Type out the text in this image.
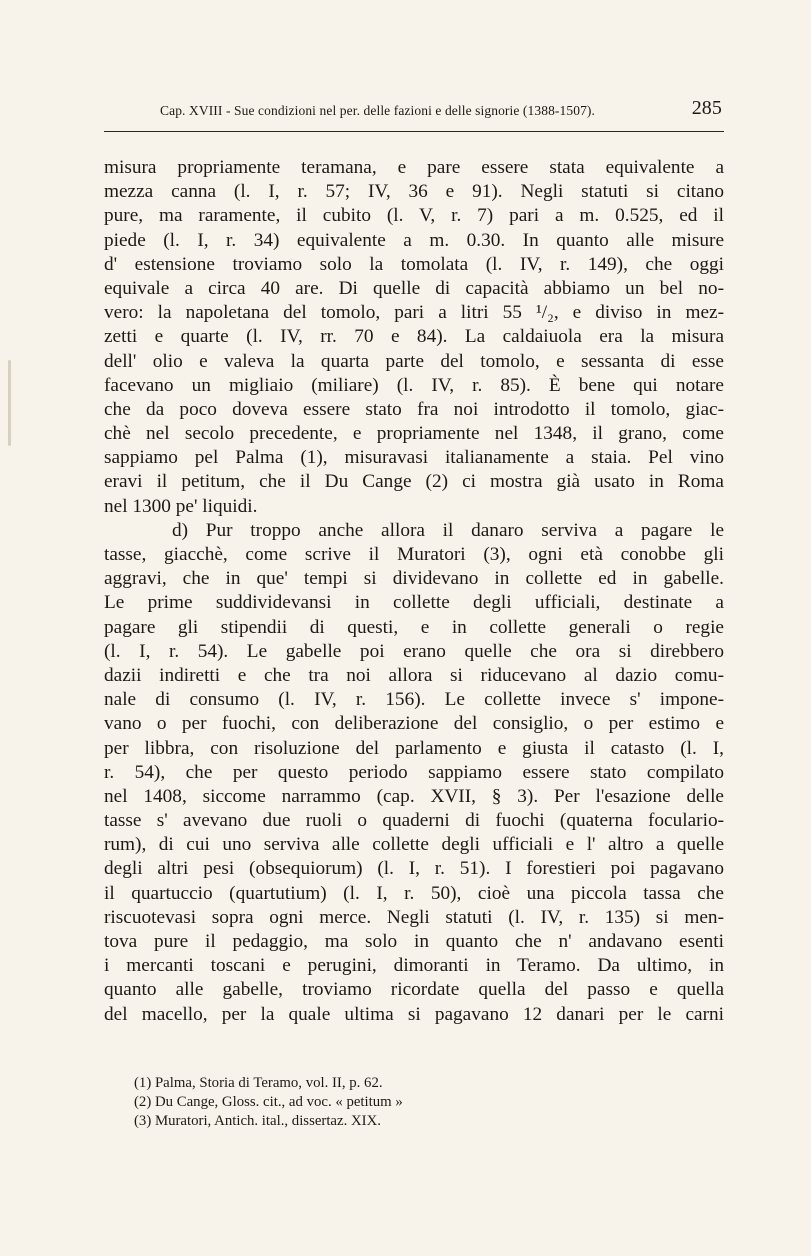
Cap. XVIII - Sue condizioni nel per. delle fazioni e delle signorie (1388-1507).	285
misura propriamente teramana, e pare essere stata equivalente a
mezza canna (l. I, r. 57; IV, 36 e 91). Negli statuti si citano
pure, ma raramente, il cubito (l. V, r. 7) pari a m. 0.525, ed il
piede (l. I, r. 34) equivalente a m. 0.30. In quanto alle misure
d' estensione troviamo solo la tomolata (l. IV, r. 149), che oggi
equivale a circa 40 are. Di quelle di capacità abbiamo un bel no-
vero: la napoletana del tomolo, pari a litri 55 ¹/₂, e diviso in mez-
zetti e quarte (l. IV, rr. 70 e 84). La caldaiuola era la misura
dell' olio e valeva la quarta parte del tomolo, e sessanta di esse
facevano un migliaio (miliare) (l. IV, r. 85). È bene qui notare
che da poco doveva essere stato fra noi introdotto il tomolo, giac-
chè nel secolo precedente, e propriamente nel 1348, il grano, come
sappiamo pel Palma (1), misuravasi italianamente a staia. Pel vino
eravi il petitum, che il Du Cange (2) ci mostra già usato in Roma
nel 1300 pe' liquidi.
d) Pur troppo anche allora il danaro serviva a pagare le
tasse, giacchè, come scrive il Muratori (3), ogni età conobbe gli
aggravi, che in que' tempi si dividevano in collette ed in gabelle.
Le prime suddividevansi in collette degli ufficiali, destinate a
pagare gli stipendii di questi, e in collette generali o regie
(l. I, r. 54). Le gabelle poi erano quelle che ora si direbbero
dazii indiretti e che tra noi allora si riducevano al dazio comu-
nale di consumo (l. IV, r. 156). Le collette invece s' impone-
vano o per fuochi, con deliberazione del consiglio, o per estimo e
per libbra, con risoluzione del parlamento e giusta il catasto (l. I,
r. 54), che per questo periodo sappiamo essere stato compilato
nel 1408, siccome narrammo (cap. XVII, § 3). Per l'esazione delle
tasse s' avevano due ruoli o quaderni di fuochi (quaterna foculario-
rum), di cui uno serviva alle collette degli ufficiali e l' altro a quelle
degli altri pesi (obsequiorum) (l. I, r. 51). I forestieri poi pagavano
il quartuccio (quartutium) (l. I, r. 50), cioè una piccola tassa che
riscuotevasi sopra ogni merce. Negli statuti (l. IV, r. 135) si men-
tova pure il pedaggio, ma solo in quanto che n' andavano esenti
i mercanti toscani e perugini, dimoranti in Teramo. Da ultimo, in
quanto alle gabelle, troviamo ricordate quella del passo e quella
del macello, per la quale ultima si pagavano 12 danari per le carni
(1) Palma, Storia di Teramo, vol. II, p. 62.
(2) Du Cange, Gloss. cit., ad voc. « petitum »
(3) Muratori, Antich. ital., dissertaz. XIX.
